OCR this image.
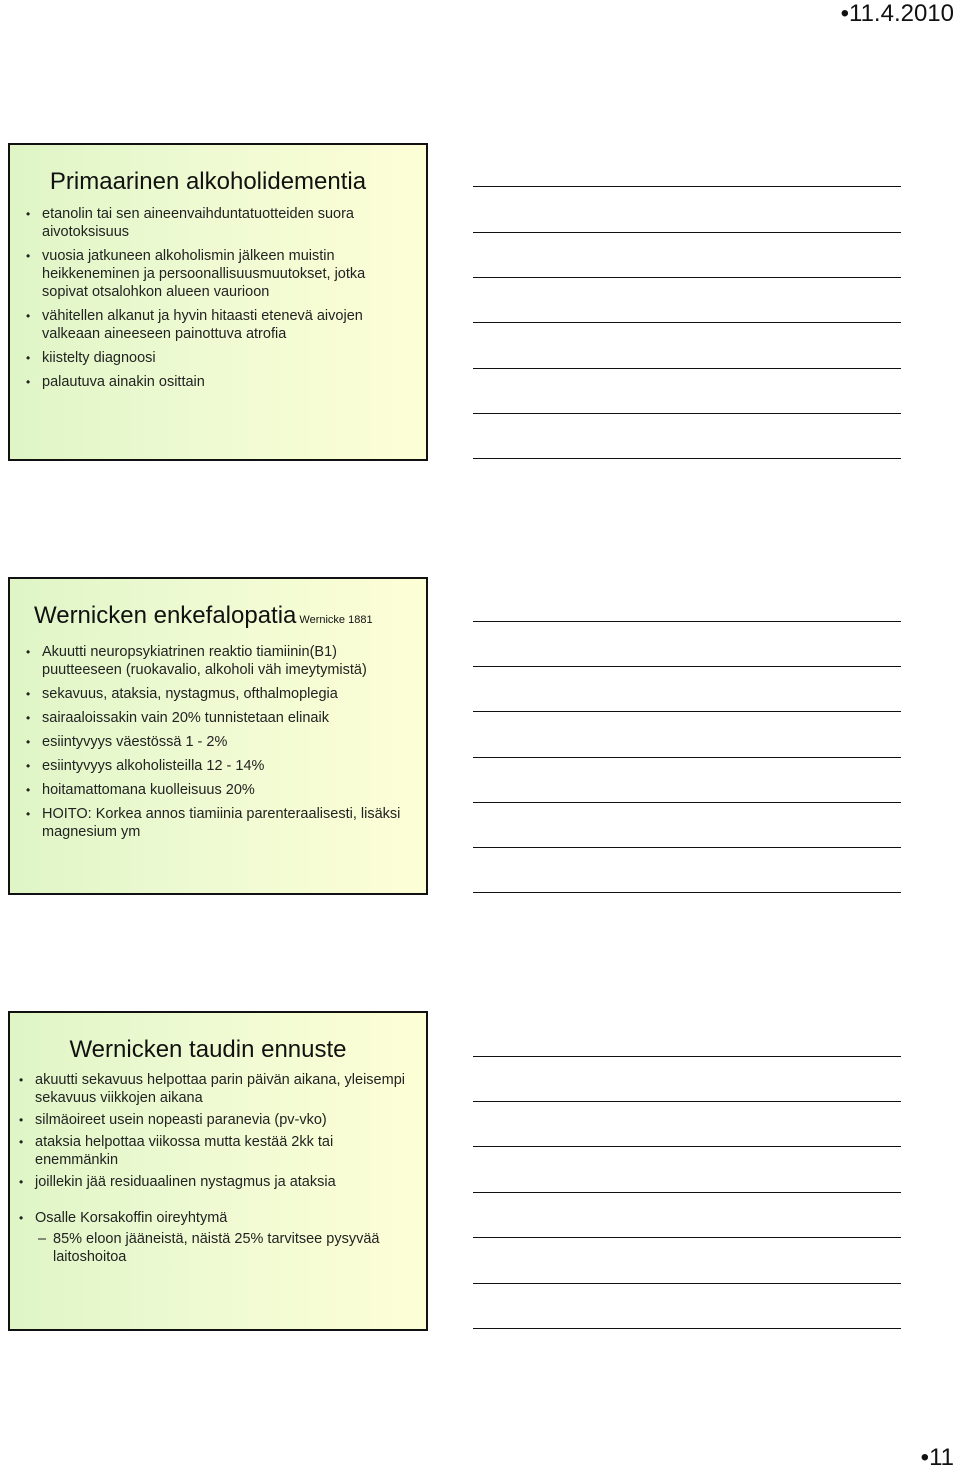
•11.4.2010
Primaarinen alkoholidementia
• etanolin tai sen aineenvaihduntatuotteiden suora aivotoksisuus
• vuosia jatkuneen alkoholismin jälkeen muistin heikkeneminen ja persoonallisuusmuutokset, jotka sopivat otsalohkon alueen vaurioon
• vähitellen alkanut ja hyvin hitaasti etenevä aivojen valkeaan aineeseen painottuva atrofia
• kiistelty diagnoosi
• palautuva ainakin osittain
Wernicken enkefalopatia Wernicke 1881
• Akuutti neuropsykiatrinen reaktio tiamiinin(B1) puutteeseen (ruokavalio, alkoholi väh imeytymistä)
• sekavuus, ataksia, nystagmus, ofthalmoplegia
• sairaaloissakin vain 20% tunnistetaan elinaik
• esiintyvyys väestössä 1 - 2%
• esiintyvyys alkoholisteilla 12 - 14%
• hoitamattomana kuolleisuus 20%
• HOITO: Korkea annos tiamiinia parenteraalisesti, lisäksi magnesium ym
Wernicken taudin ennuste
• akuutti sekavuus helpottaa parin päivän aikana, yleisempi sekavuus viikkojen aikana
• silmäoireet usein nopeasti paranevia (pv-vko)
• ataksia helpottaa viikossa mutta kestää 2kk tai enemmänkin
• joillekin jää residuaalinen nystagmus ja ataksia
• Osalle Korsakoffin oireyhtymä
– 85% eloon jääneistä, näistä 25% tarvitsee pysyvää laitoshoitoa
•11
